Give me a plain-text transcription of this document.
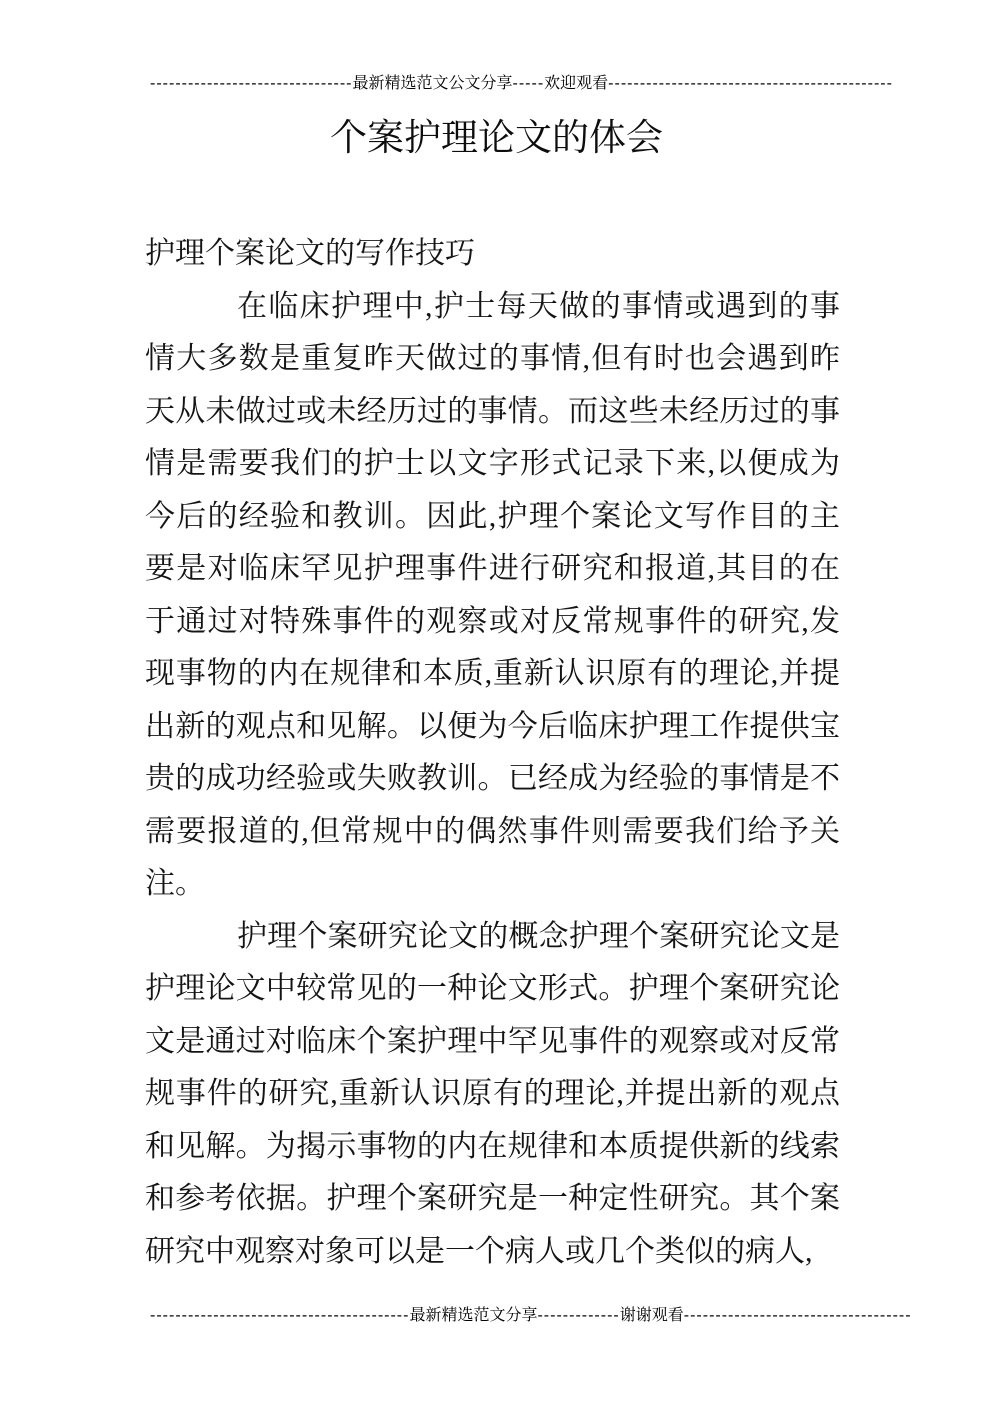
--------------------------------最新精选范文公文分享-----欢迎观看---------------------------------------------
个案护理论文的体会
护理个案论文的写作技巧
在临床护理中,护士每天做的事情或遇到的事
情大多数是重复昨天做过的事情,但有时也会遇到昨
天从未做过或未经历过的事情。而这些未经历过的事
情是需要我们的护士以文字形式记录下来,以便成为
今后的经验和教训。因此,护理个案论文写作目的主
要是对临床罕见护理事件进行研究和报道,其目的在
于通过对特殊事件的观察或对反常规事件的研究,发
现事物的内在规律和本质,重新认识原有的理论,并提
出新的观点和见解。以便为今后临床护理工作提供宝
贵的成功经验或失败教训。已经成为经验的事情是不
需要报道的,但常规中的偶然事件则需要我们给予关
注。
护理个案研究论文的概念护理个案研究论文是
护理论文中较常见的一种论文形式。护理个案研究论
文是通过对临床个案护理中罕见事件的观察或对反常
规事件的研究,重新认识原有的理论,并提出新的观点
和见解。为揭示事物的内在规律和本质提供新的线索
和参考依据。护理个案研究是一种定性研究。其个案
研究中观察对象可以是一个病人或几个类似的病人,
-----------------------------------------最新精选范文分享-------------谢谢观看------------------------------------
